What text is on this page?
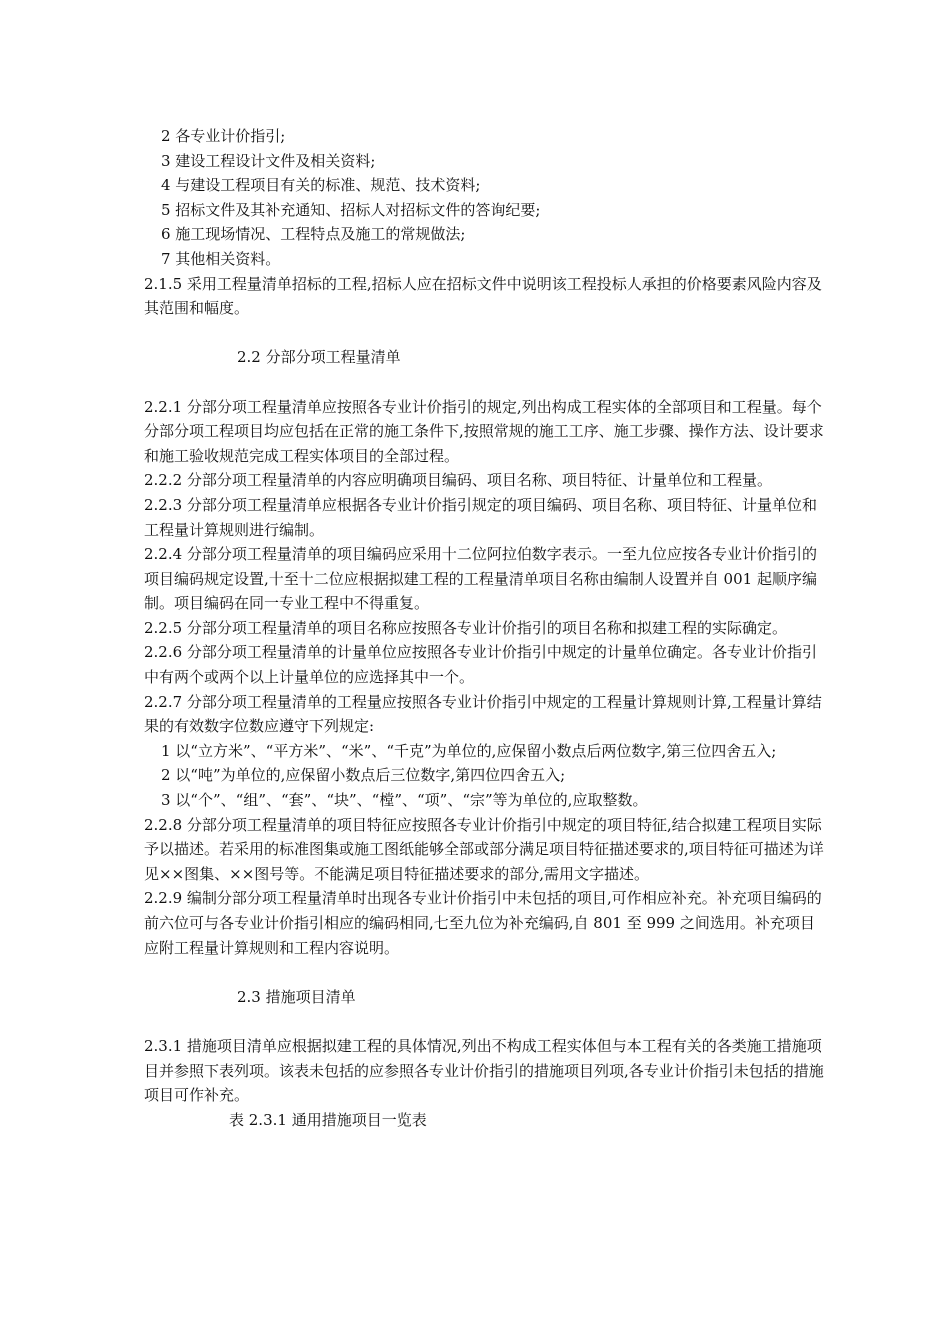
2 各专业计价指引;

3 建设工程设计文件及相关资料;

4 与建设工程项目有关的标准、规范、技术资料;

5 招标文件及其补充通知、招标人对招标文件的答询纪要;

6 施工现场情况、工程特点及施工的常规做法;

7 其他相关资料。

2.1.5 采用工程量清单招标的工程,招标人应在招标文件中说明该工程投标人承担的价格要素风险内容及其范围和幅度。

2.2 分部分项工程量清单

2.2.1 分部分项工程量清单应按照各专业计价指引的规定,列出构成工程实体的全部项目和工程量。每个分部分项工程项目均应包括在正常的施工条件下,按照常规的施工工序、施工步骤、操作方法、设计要求和施工验收规范完成工程实体项目的全部过程。

2.2.2 分部分项工程量清单的内容应明确项目编码、项目名称、项目特征、计量单位和工程量。

2.2.3 分部分项工程量清单应根据各专业计价指引规定的项目编码、项目名称、项目特征、计量单位和工程量计算规则进行编制。

2.2.4 分部分项工程量清单的项目编码应采用十二位阿拉伯数字表示。一至九位应按各专业计价指引的项目编码规定设置,十至十二位应根据拟建工程的工程量清单项目名称由编制人设置并自 001 起顺序编制。项目编码在同一专业工程中不得重复。

2.2.5 分部分项工程量清单的项目名称应按照各专业计价指引的项目名称和拟建工程的实际确定。

2.2.6 分部分项工程量清单的计量单位应按照各专业计价指引中规定的计量单位确定。各专业计价指引中有两个或两个以上计量单位的应选择其中一个。

2.2.7 分部分项工程量清单的工程量应按照各专业计价指引中规定的工程量计算规则计算,工程量计算结果的有效数字位数应遵守下列规定:

1 以“立方米”、“平方米”、“米”、“千克”为单位的,应保留小数点后两位数字,第三位四舍五入;

2 以“吨”为单位的,应保留小数点后三位数字,第四位四舍五入;

3 以“个”、“组”、“套”、“块”、“樘”、“项”、“宗”等为单位的,应取整数。

2.2.8 分部分项工程量清单的项目特征应按照各专业计价指引中规定的项目特征,结合拟建工程项目实际予以描述。若采用的标准图集或施工图纸能够全部或部分满足项目特征描述要求的,项目特征可描述为详见××图集、××图号等。不能满足项目特征描述要求的部分,需用文字描述。

2.2.9 编制分部分项工程量清单时出现各专业计价指引中未包括的项目,可作相应补充。补充项目编码的前六位可与各专业计价指引相应的编码相同,七至九位为补充编码,自 801 至 999 之间选用。补充项目应附工程量计算规则和工程内容说明。

2.3 措施项目清单

2.3.1 措施项目清单应根据拟建工程的具体情况,列出不构成工程实体但与本工程有关的各类施工措施项目并参照下表列项。该表未包括的应参照各专业计价指引的措施项目列项,各专业计价指引未包括的措施项目可作补充。

表 2.3.1 通用措施项目一览表
